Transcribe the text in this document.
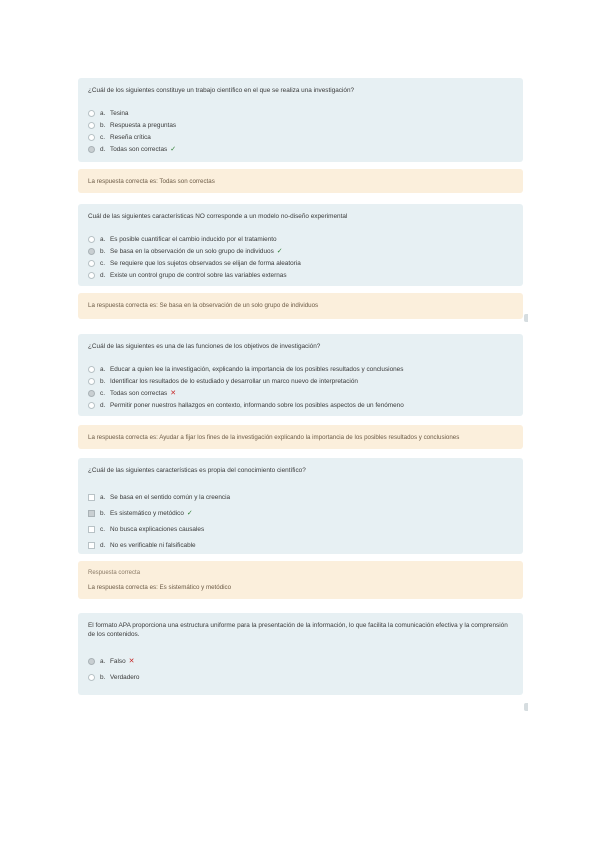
¿Cuál de los siguientes constituye un trabajo científico en el que se realiza una investigación?

a. Tesina
b. Respuesta a preguntas
c. Reseña crítica
d. Todas son correctas ✓
La respuesta correcta es: Todas son correctas

Cuál de las siguientes características NO corresponde a un modelo no-diseño experimental

a. Es posible cuantificar el cambio inducido por el tratamiento
b. Se basa en la observación de un solo grupo de individuos ✓
c. Se requiere que los sujetos observados se elijan de forma aleatoria
d. Existe un control grupo de control sobre las variables externas
La respuesta correcta es: Se basa en la observación de un solo grupo de individuos

¿Cuál de las siguientes es una de las funciones de los objetivos de investigación?

a. Educar a quien lee la investigación, explicando la importancia de los posibles resultados y conclusiones
b. Identificar los resultados de lo estudiado y desarrollar un marco nuevo de interpretación
c. Todas son correctas ✕
d. Permitir poner nuestros hallazgos en contexto, informando sobre los posibles aspectos de un fenómeno
La respuesta correcta es: Ayudar a fijar los fines de la investigación explicando la importancia de los posibles resultados y conclusiones

¿Cuál de las siguientes características es propia del conocimiento científico?

a. Se basa en el sentido común y la creencia
b. Es sistemático y metódico ✓
c. No busca explicaciones causales
d. No es verificable ni falsificable
Respuesta correcta
La respuesta correcta es: Es sistemático y metódico

El formato APA proporciona una estructura uniforme para la presentación de la información, lo que facilita la comunicación efectiva y la comprensión de los contenidos.

a. Falso ✕
b. Verdadero
